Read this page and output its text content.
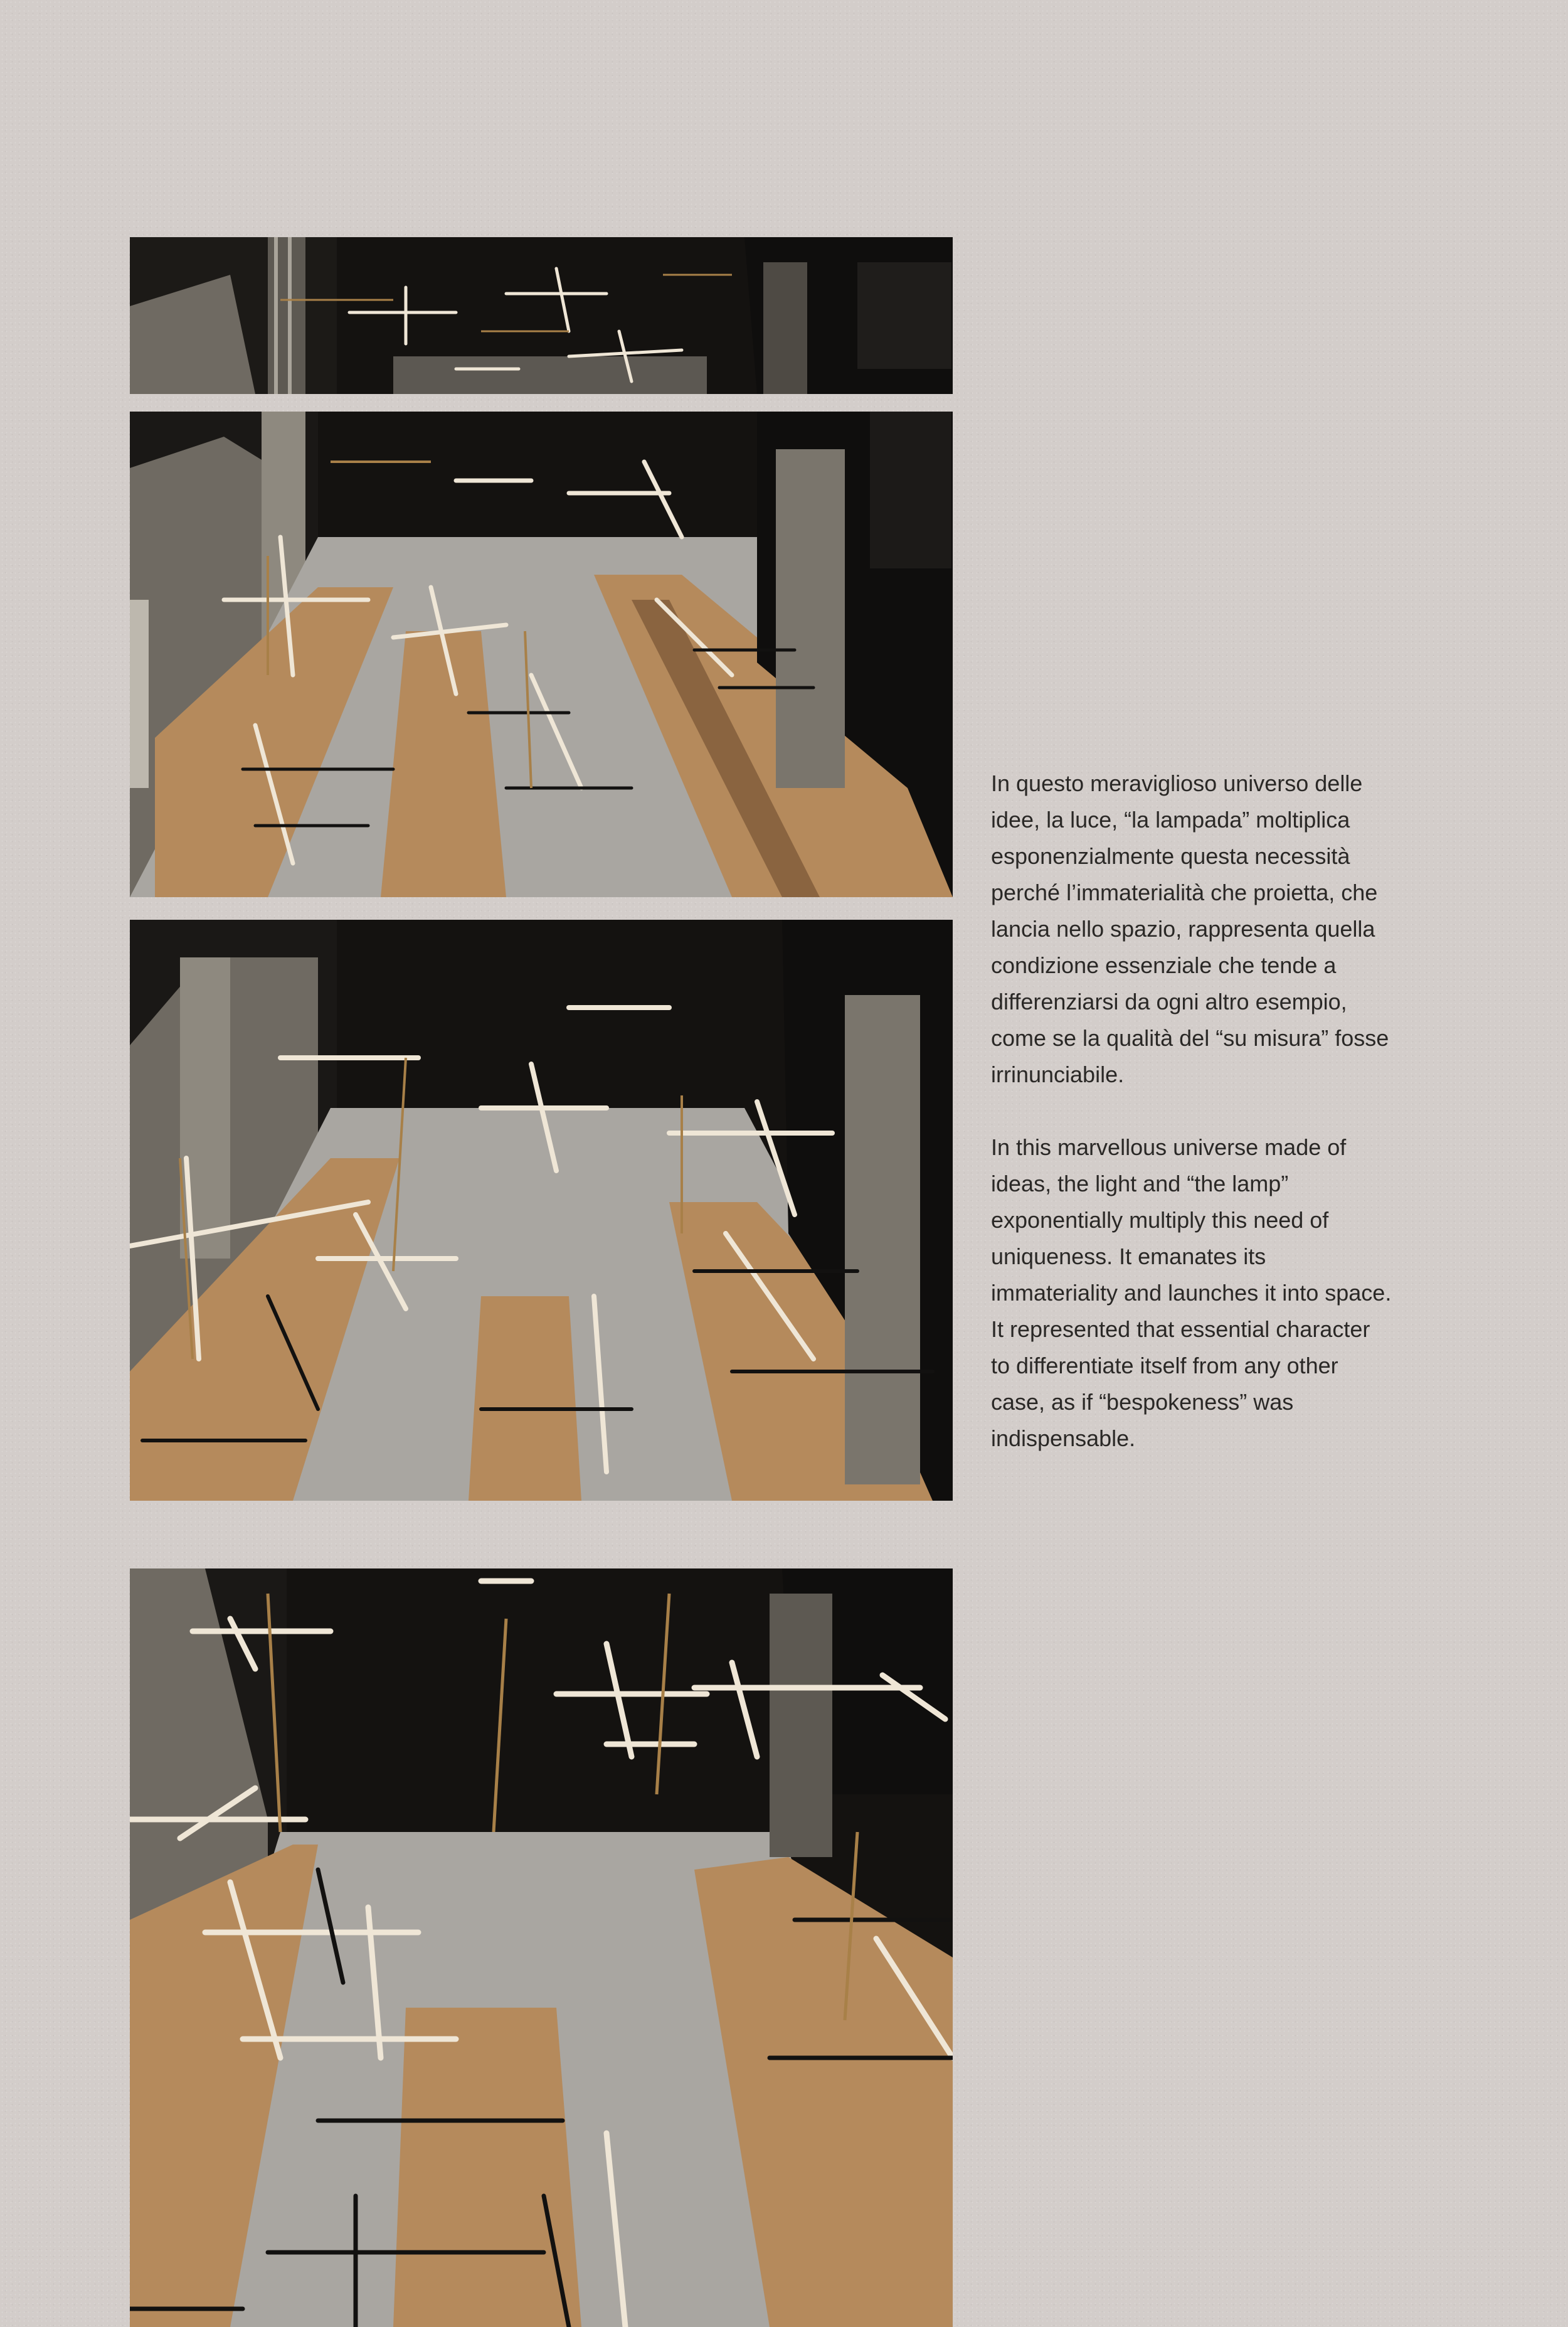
In questo meraviglioso universo delle idee, la luce, “la lampada” moltiplica esponenzialmente questa necessità perché l’immaterialità che proietta, che lancia nello spazio, rappresenta quella condizione essenziale che tende a differenziarsi da ogni altro esempio, come se la qualità del “su misura” fosse irrinunciabile.

In this marvellous universe made of ideas, the light and “the lamp” exponentially multiply this need of uniqueness. It emanates its immateriality and launches it into space. It represented that essential character to differentiate itself from any other case, as if “bespokeness” was indispensable.
